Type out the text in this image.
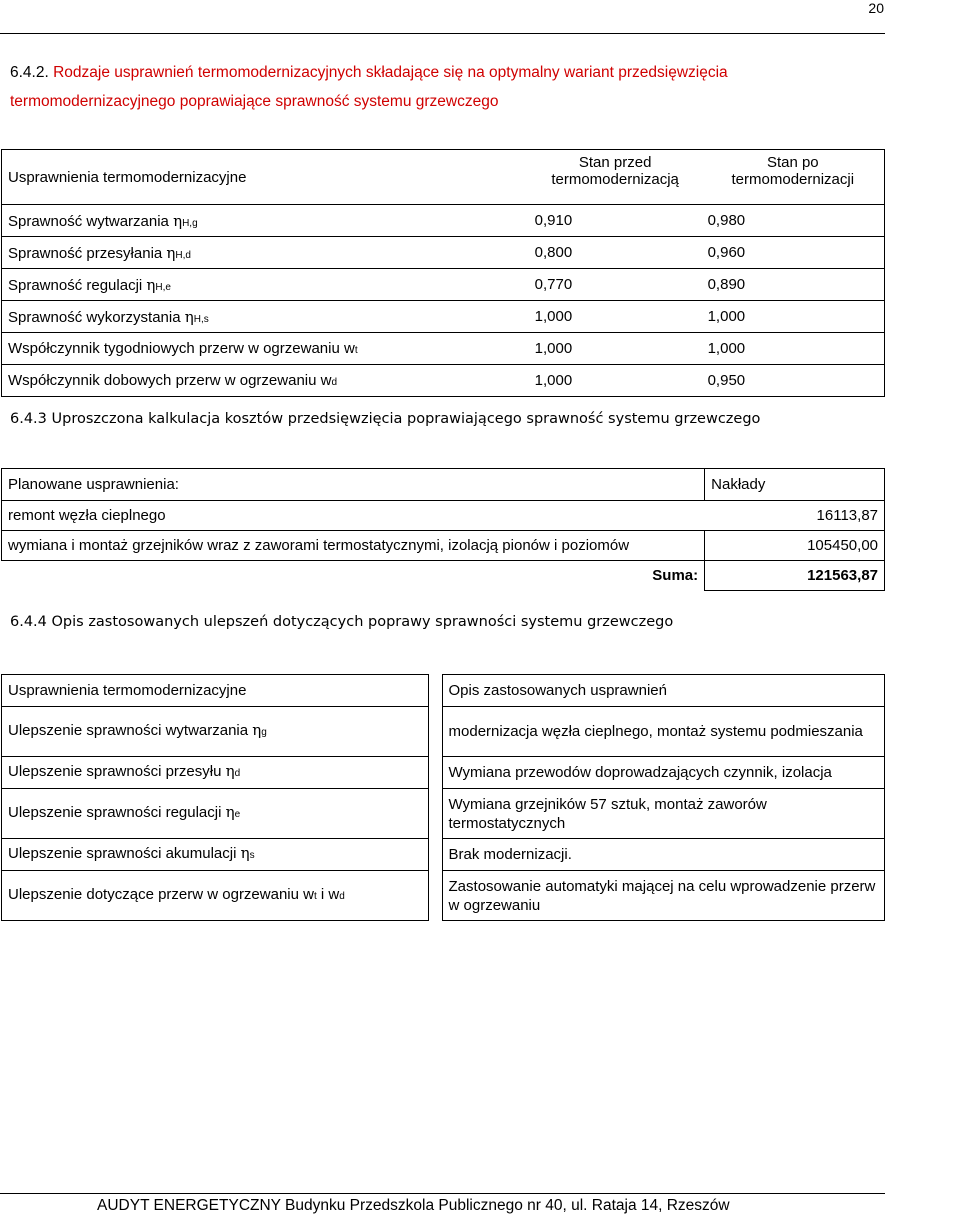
20
6.4.2. Rodzaje usprawnień termomodernizacyjnych składające się na optymalny wariant przedsięwzięcia
termomodernizacyjnego poprawiające sprawność systemu grzewczego
Usprawnienia termomodernizacyjne	Stan przed termomodernizacją	Stan po termomodernizacji
Sprawność wytwarzania ηH,g	0,910	0,980
Sprawność przesyłania ηH,d	0,800	0,960
Sprawność regulacji ηH,e	0,770	0,890
Sprawność wykorzystania ηH,s	1,000	1,000
Współczynnik tygodniowych przerw w ogrzewaniu wt	1,000	1,000
Współczynnik dobowych przerw w ogrzewaniu wd	1,000	0,950
6.4.3 Uproszczona kalkulacja kosztów przedsięwzięcia poprawiającego sprawność systemu grzewczego
Planowane usprawnienia:	Nakłady
remont węzła cieplnego	16113,87
wymiana i montaż grzejników wraz z zaworami termostatycznymi, izolacją pionów i poziomów	105450,00
Suma:	121563,87
6.4.4 Opis zastosowanych ulepszeń dotyczących poprawy sprawności systemu grzewczego
Usprawnienia termomodernizacyjne		Opis zastosowanych usprawnień
Ulepszenie sprawności wytwarzania ηg		modernizacja węzła cieplnego, montaż systemu podmieszania
Ulepszenie sprawności przesyłu ηd		Wymiana przewodów doprowadzających czynnik, izolacja
Ulepszenie sprawności regulacji ηe		Wymiana grzejników 57 sztuk, montaż zaworów termostatycznych
Ulepszenie sprawności akumulacji ηs		Brak modernizacji.
Ulepszenie dotyczące przerw w ogrzewaniu wt i wd		Zastosowanie automatyki mającej na celu wprowadzenie przerw w ogrzewaniu
AUDYT ENERGETYCZNY Budynku Przedszkola Publicznego nr 40, ul. Rataja 14, Rzeszów
